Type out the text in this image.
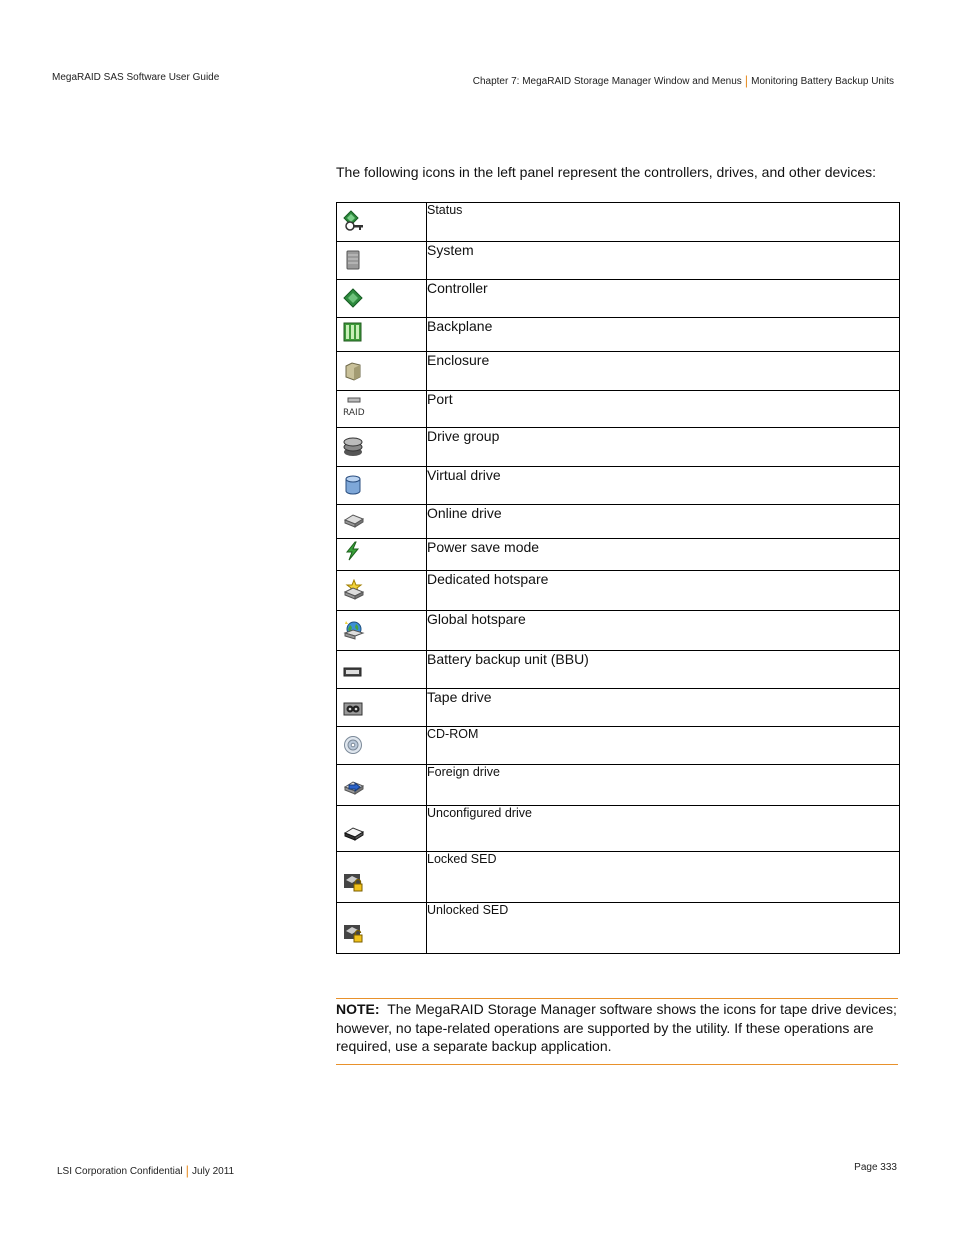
MegaRAID SAS Software User Guide	Chapter 7: MegaRAID Storage Manager Window and Menus | Monitoring Battery Backup Units
The following icons in the left panel represent the controllers, drives, and other devices:
	Status

	System

	Controller

	Backplane

	Enclosure

RAID	Port

	Drive group

	Virtual drive

	Online drive

	Power save mode

	Dedicated hotspare

	Global hotspare

	Battery backup unit (BBU)

	Tape drive

	CD-ROM

	Foreign drive

	Unconfigured drive

	Locked SED

	Unlocked SED
NOTE: The MegaRAID Storage Manager software shows the icons for tape drive devices; however, no tape-related operations are supported by the utility. If these operations are required, use a separate backup application.
LSI Corporation Confidential | July 2011	Page 333
